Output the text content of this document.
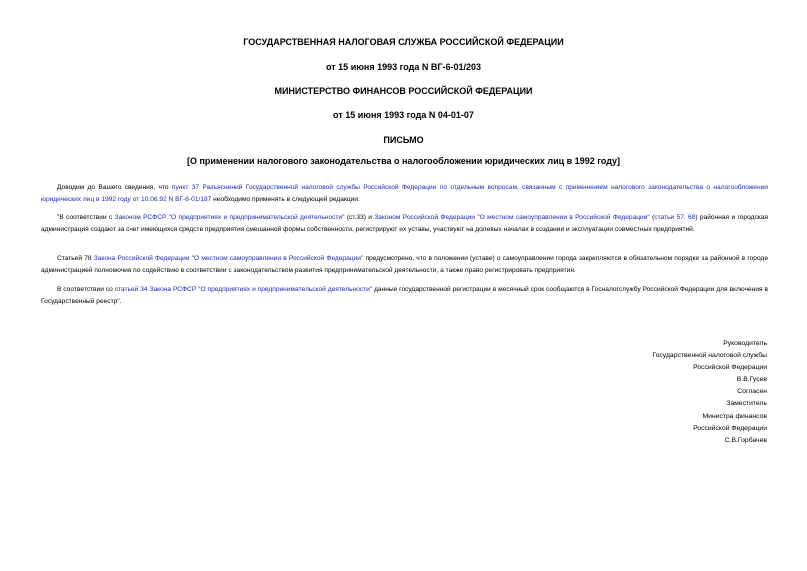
ГОСУДАРСТВЕННАЯ НАЛОГОВАЯ СЛУЖБА РОССИЙСКОЙ ФЕДЕРАЦИИ
от 15 июня 1993 года N ВГ-6-01/203
МИНИСТЕРСТВО ФИНАНСОВ РОССИЙСКОЙ ФЕДЕРАЦИИ
от 15 июня 1993 года N 04-01-07
ПИСЬМО
[О применении налогового законодательства о налогообложении юридических лиц в 1992 году]

Доводим до Вашего сведения, что пункт 37 Разъяснений Государственной налоговой службы Российской Федерации по отдельным вопросам, связанным с применением налогового законодательства о налогообложении юридических лиц в 1992 году от 10.06.92 N ВГ-6-01/187 необходимо применять в следующей редакции:

"В соответствии с Законом РСФСР "О предприятиях и предпринимательской деятельности" (ст.33) и Законом Российской Федерации "О местном самоуправлении в Российской Федерации" (статьи 57, 68) районная и городская администрация создают за счет имеющихся средств предприятия смешанной формы собственности, регистрируют их уставы, участвуют на долевых началах в создании и эксплуатации совместных предприятий.

Статьей 78 Закона Российской Федерации "О местном самоуправлении в Российской Федерации" предусмотрено, что в положении (уставе) о самоуправлении города закрепляются в обязательном порядке за районной в городе администрацией полномочия по содействию в соответствии с законодательством развития предпринимательской деятельности, а также право регистрировать предприятия.

В соответствии со статьей 34 Закона РСФСР "О предприятиях и предпринимательской деятельности" данные государственной регистрации в месячный срок сообщаются в Госналогслужбу Российской Федерации для включения в Государственный реестр".

Руководитель
Государственной налоговой службы
Российской Федерации
В.В.Гусев
Согласен
Заместитель
Министра финансов
Российской Федерации
С.В.Горбачев
